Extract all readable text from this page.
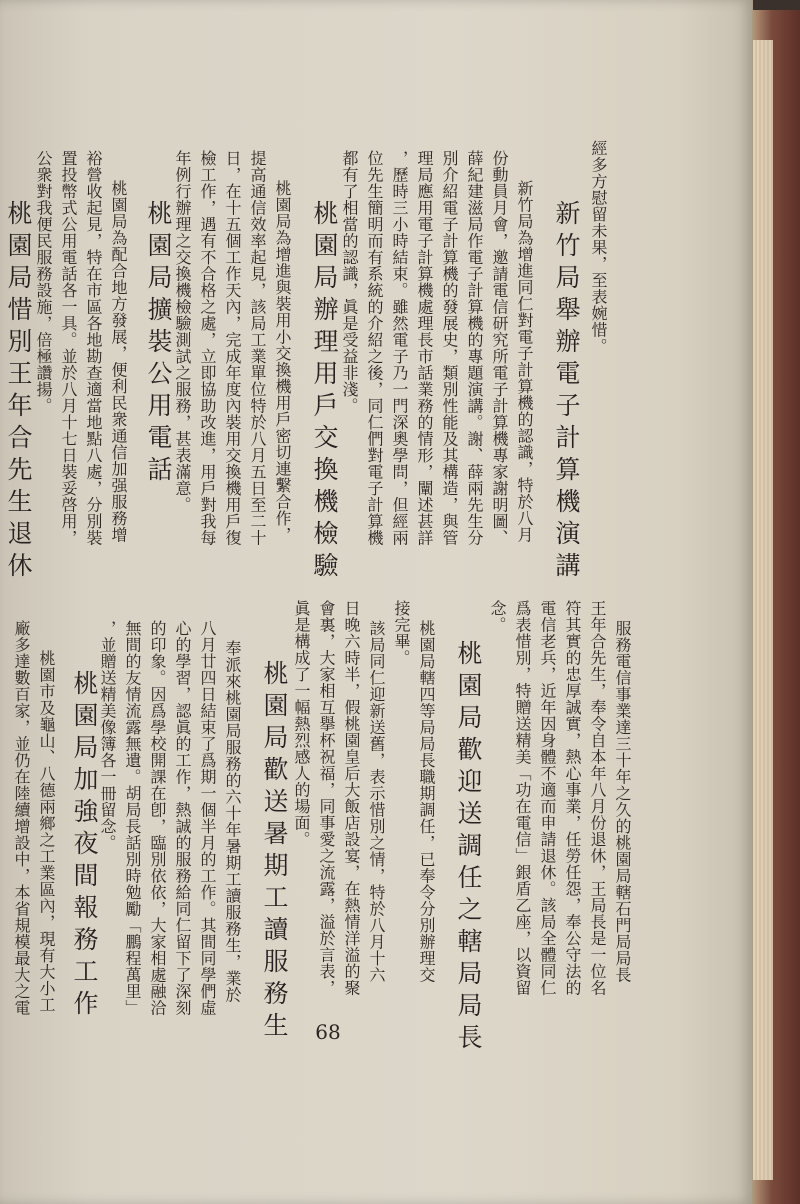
經多方慰留未果，至表婉惜。
新竹局舉辦電子計算機演講
新竹局為增進同仁對電子計算機的認識，特於八月
份動員月會，邀請電信研究所電子計算機專家謝明圖、
薛紀建滋局作電子計算機的專題演講。謝、薛兩先生分
別介紹電子計算機的發展史，類別性能及其構造，與管
理局應用電子計算機處理長市話業務的情形，闡述甚詳
，歷時三小時結束。雖然電子乃一門深奧學問，但經兩
位先生簡明而有系統的介紹之後，同仁們對電子計算機
都有了相當的認識，眞是受益非淺。
桃園局辦理用戶交換機檢驗
桃園局為增進與裝用小交換機用戶密切連繫合作，
提高通信效率起見，該局工業單位特於八月五日至二十
日，在十五個工作天內，完成年度內裝用交換機用戶復
檢工作，遇有不合格之處，立即協助改進，用戶對我每
年例行辦理之交換機檢驗測試之服務，甚表滿意。
桃園局擴裝公用電話
桃園局為配合地方發展，便利民衆通信加强服務增
裕營收起見，特在市區各地勘查適當地點八處，分別裝
置投幣式公用電話各一具。並於八月十七日裝妥啓用，
公衆對我便民服務設施，倍極讚揚。
桃園局惜別王年合先生退休
服務電信事業達三十年之久的桃園局轄石門局局長
王年合先生，奉令自本年八月份退休，王局長是一位名
符其實的忠厚誠實，熱心事業，任勞任怨，奉公守法的
電信老兵，近年因身體不適而申請退休。該局全體同仁
爲表惜別，特贈送精美「功在電信」銀盾乙座，以資留
念。
桃園局歡迎送調任之轄局局長
桃園局轄四等局局長職期調任，已奉令分別辦理交
接完畢。
該局同仁迎新送舊，表示惜別之情，特於八月十六
日晚六時半，假桃園皇后大飯店設宴，在熱情洋溢的聚
會裏，大家相互擧杯祝福，同事愛之流露，溢於言表，
眞是構成了一幅熱烈感人的場面。
桃園局歡送暑期工讀服務生
奉派來桃園局服務的六十年暑期工讀服務生，業於
八月廿四日結束了爲期一個半月的工作。其間同學們虛
心的學習，認眞的工作，熱誠的服務給同仁留下了深刻
的印象。因爲學校開課在卽，臨別依依，大家相處融洽
無間的友情流露無遺。胡局長話別時勉勵「鵬程萬里」
，並贈送精美像簿各一冊留念。
桃園局加強夜間報務工作
桃園市及龜山、八德兩鄉之工業區內，現有大小工
廠多達數百家，並仍在陸續增設中，本省規模最大之電
68
